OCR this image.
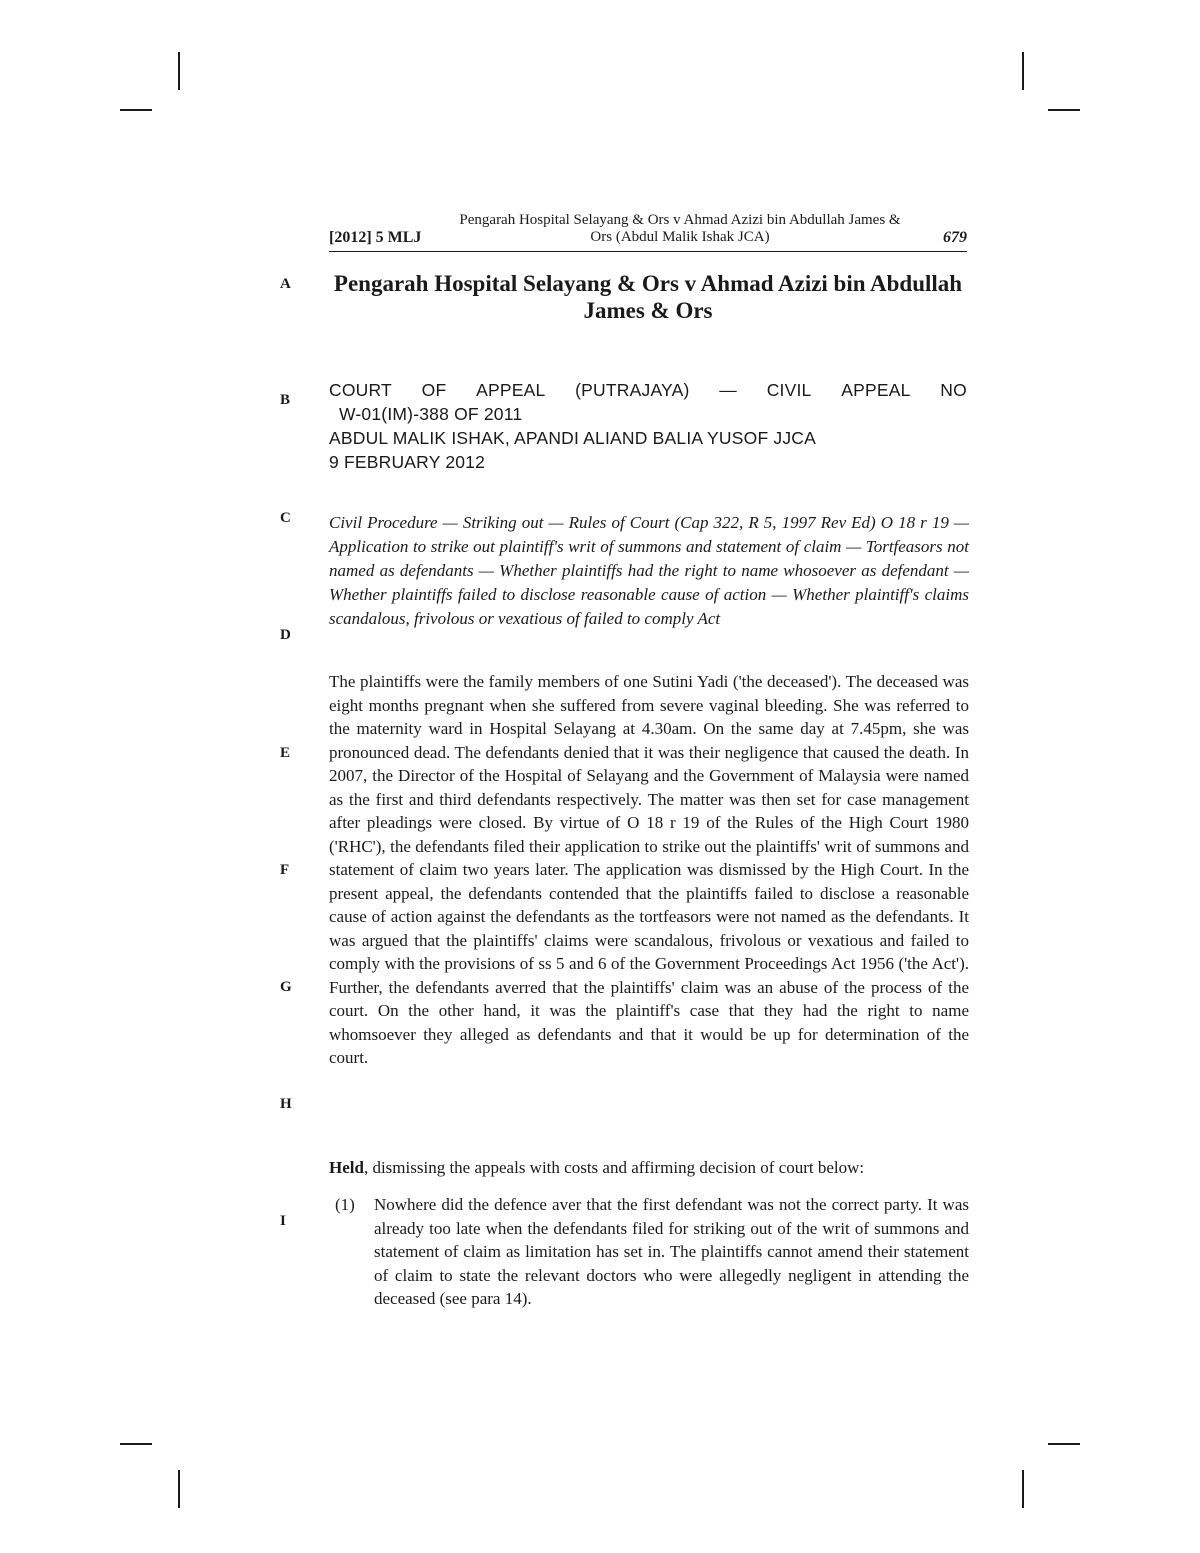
[2012] 5 MLJ
Pengarah Hospital Selayang & Ors v Ahmad Azizi bin Abdullah James & Ors (Abdul Malik Ishak JCA)	679
A
B
C
D
E
F
G
H
I
Pengarah Hospital Selayang & Ors v Ahmad Azizi bin Abdullah James & Ors
COURT OF APPEAL (PUTRAJAYA) — CIVIL APPEAL NO
W-01(IM)-388 OF 2011
ABDUL MALIK ISHAK, APANDI ALIAND BALIA YUSOF JJCA
9 FEBRUARY 2012
Civil Procedure — Striking out — Rules of Court (Cap 322, R 5, 1997 Rev Ed) O 18 r 19 — Application to strike out plaintiff's writ of summons and statement of claim — Tortfeasors not named as defendants — Whether plaintiffs had the right to name whosoever as defendant — Whether plaintiffs failed to disclose reasonable cause of action — Whether plaintiff's claims scandalous, frivolous or vexatious of failed to comply Act
The plaintiffs were the family members of one Sutini Yadi ('the deceased'). The deceased was eight months pregnant when she suffered from severe vaginal bleeding. She was referred to the maternity ward in Hospital Selayang at 4.30am. On the same day at 7.45pm, she was pronounced dead. The defendants denied that it was their negligence that caused the death. In 2007, the Director of the Hospital of Selayang and the Government of Malaysia were named as the first and third defendants respectively. The matter was then set for case management after pleadings were closed. By virtue of O 18 r 19 of the Rules of the High Court 1980 ('RHC'), the defendants filed their application to strike out the plaintiffs' writ of summons and statement of claim two years later. The application was dismissed by the High Court. In the present appeal, the defendants contended that the plaintiffs failed to disclose a reasonable cause of action against the defendants as the tortfeasors were not named as the defendants. It was argued that the plaintiffs' claims were scandalous, frivolous or vexatious and failed to comply with the provisions of ss 5 and 6 of the Government Proceedings Act 1956 ('the Act'). Further, the defendants averred that the plaintiffs' claim was an abuse of the process of the court. On the other hand, it was the plaintiff's case that they had the right to name whomsoever they alleged as defendants and that it would be up for determination of the court.
Held, dismissing the appeals with costs and affirming decision of court below:
(1) Nowhere did the defence aver that the first defendant was not the correct party. It was already too late when the defendants filed for striking out of the writ of summons and statement of claim as limitation has set in. The plaintiffs cannot amend their statement of claim to state the relevant doctors who were allegedly negligent in attending the deceased (see para 14).
